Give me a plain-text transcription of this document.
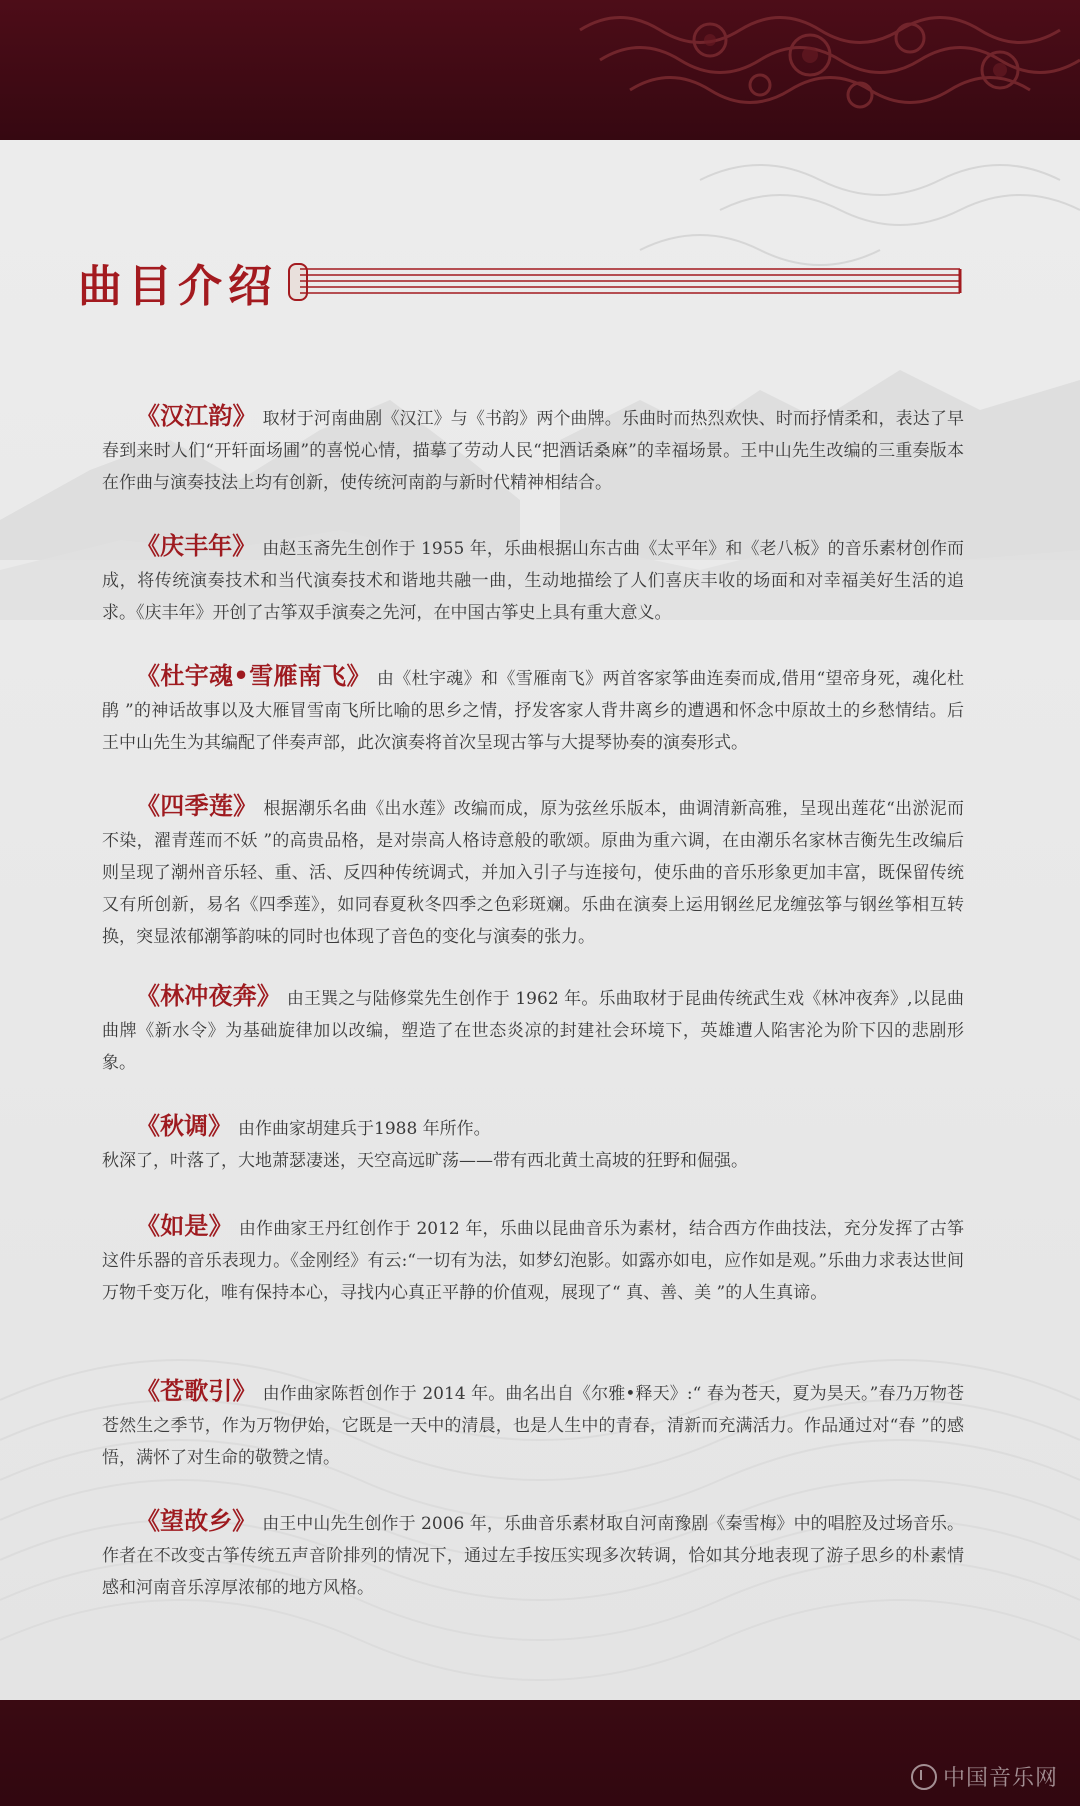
曲目介绍

《汉江韵》 取材于河南曲剧《汉江》与《书韵》两个曲牌。乐曲时而热烈欢快、时而抒情柔和，表达了早春到来时人们“开轩面场圃”的喜悦心情，描摹了劳动人民“把酒话桑麻”的幸福场景。王中山先生改编的三重奏版本在作曲与演奏技法上均有创新，使传统河南韵与新时代精神相结合。

《庆丰年》 由赵玉斋先生创作于 1955 年，乐曲根据山东古曲《太平年》和《老八板》的音乐素材创作而成，将传统演奏技术和当代演奏技术和谐地共融一曲，生动地描绘了人们喜庆丰收的场面和对幸福美好生活的追求。《庆丰年》开创了古筝双手演奏之先河，在中国古筝史上具有重大意义。

《杜宇魂•雪雁南飞》 由《杜宇魂》和《雪雁南飞》两首客家筝曲连奏而成,借用“望帝身死，魂化杜鹃 ”的神话故事以及大雁冒雪南飞所比喻的思乡之情，抒发客家人背井离乡的遭遇和怀念中原故土的乡愁情结。后王中山先生为其编配了伴奏声部，此次演奏将首次呈现古筝与大提琴协奏的演奏形式。

《四季莲》 根据潮乐名曲《出水莲》改编而成，原为弦丝乐版本，曲调清新高雅，呈现出莲花“出淤泥而不染，濯青莲而不妖 ”的高贵品格，是对崇高人格诗意般的歌颂。原曲为重六调，在由潮乐名家林吉衡先生改编后则呈现了潮州音乐轻、重、活、反四种传统调式，并加入引子与连接句，使乐曲的音乐形象更加丰富，既保留传统又有所创新，易名《四季莲》，如同春夏秋冬四季之色彩斑斓。乐曲在演奏上运用钢丝尼龙缠弦筝与钢丝筝相互转换，突显浓郁潮筝韵味的同时也体现了音色的变化与演奏的张力。

《林冲夜奔》 由王巽之与陆修棠先生创作于 1962 年。乐曲取材于昆曲传统武生戏《林冲夜奔》,以昆曲曲牌《新水令》为基础旋律加以改编，塑造了在世态炎凉的封建社会环境下，英雄遭人陷害沦为阶下囚的悲剧形象。

《秋调》 由作曲家胡建兵于1988 年所作。

秋深了，叶落了，大地萧瑟凄迷，天空高远旷荡——带有西北黄土高坡的狂野和倔强。

《如是》 由作曲家王丹红创作于 2012 年，乐曲以昆曲音乐为素材，结合西方作曲技法，充分发挥了古筝这件乐器的音乐表现力。《金刚经》有云:“一切有为法，如梦幻泡影。如露亦如电，应作如是观。”乐曲力求表达世间万物千变万化，唯有保持本心，寻找内心真正平静的价值观，展现了“ 真、善、美 ”的人生真谛。

《苍歌引》 由作曲家陈哲创作于 2014 年。曲名出自《尔雅•释天》:“ 春为苍天，夏为昊天。”春乃万物苍苍然生之季节，作为万物伊始，它既是一天中的清晨，也是人生中的青春，清新而充满活力。作品通过对“春 ”的感悟，满怀了对生命的敬赞之情。

《望故乡》 由王中山先生创作于 2006 年，乐曲音乐素材取自河南豫剧《秦雪梅》中的唱腔及过场音乐。作者在不改变古筝传统五声音阶排列的情况下，通过左手按压实现多次转调，恰如其分地表现了游子思乡的朴素情感和河南音乐淳厚浓郁的地方风格。

中国音乐网
